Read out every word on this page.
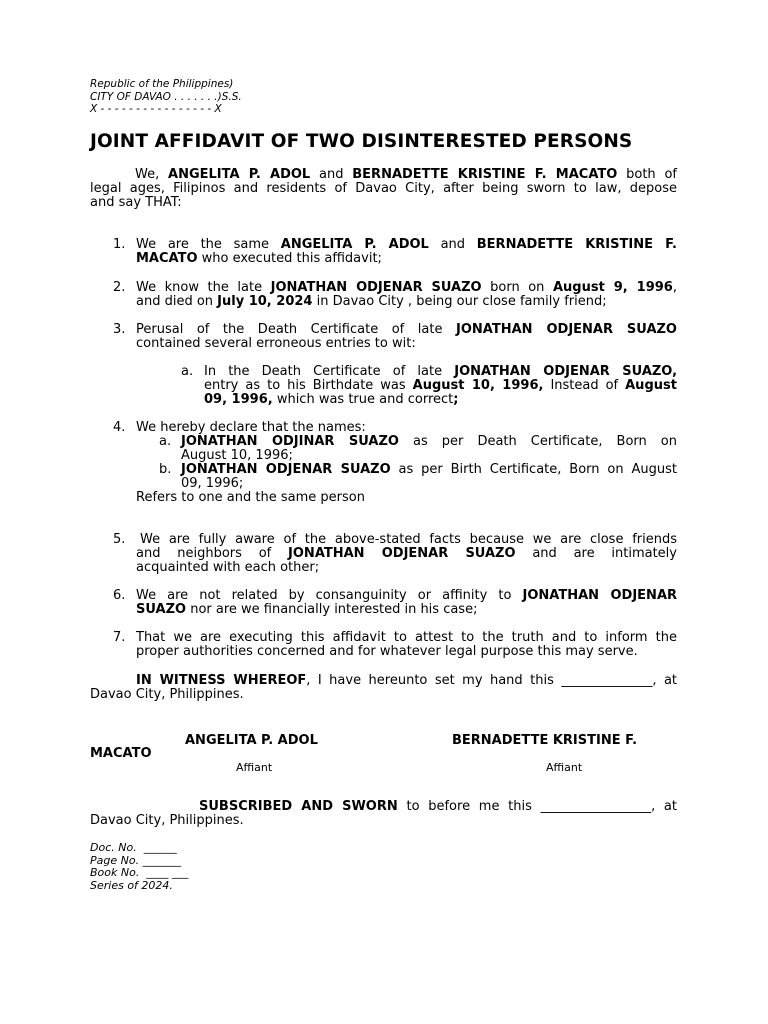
Republic of the Philippines)
CITY OF DAVAO . . . . . . .)S.S.
X - - - - - - - - - - - - - - - - X
JOINT AFFIDAVIT OF TWO DISINTERESTED PERSONS
We, ANGELITA P. ADOL and BERNADETTE KRISTINE F. MACATO both of
legal ages, Filipinos and residents of Davao City, after being sworn to law, depose
and say THAT:
1. We are the same ANGELITA P. ADOL and BERNADETTE KRISTINE F.
MACATO who executed this affidavit;
2. We know the late JONATHAN ODJENAR SUAZO born on August 9, 1996,
and died on July 10, 2024 in Davao City , being our close family friend;
3. Perusal of the Death Certificate of late JONATHAN ODJENAR SUAZO
contained several erroneous entries to wit:
a. In the Death Certificate of late JONATHAN ODJENAR SUAZO,
entry as to his Birthdate was August 10, 1996, Instead of August
09, 1996, which was true and correct;
4. We hereby declare that the names:
a. JONATHAN ODJINAR SUAZO as per Death Certificate, Born on
August 10, 1996;
b. JONATHAN ODJENAR SUAZO as per Birth Certificate, Born on August
09, 1996;
Refers to one and the same person
5.	We are fully aware of the above-stated facts because we are close friends
and neighbors of JONATHAN ODJENAR SUAZO and are intimately
acquainted with each other;
6. We are not related by consanguinity or affinity to JONATHAN ODJENAR
SUAZO nor are we financially interested in his case;
7. That we are executing this affidavit to attest to the truth and to inform the
proper authorities concerned and for whatever legal purpose this may serve.
IN WITNESS WHEREOF, I have hereunto set my hand this ______________, at
Davao City, Philippines.
ANGELITA P. ADOL	BERNADETTE KRISTINE F.
MACATO
Affiant	Affiant
SUBSCRIBED AND SWORN to before me this _________________, at
Davao City, Philippines.
Doc. No.  ______
Page No. _______
Book No.  ____ ___
Series of 2024.
